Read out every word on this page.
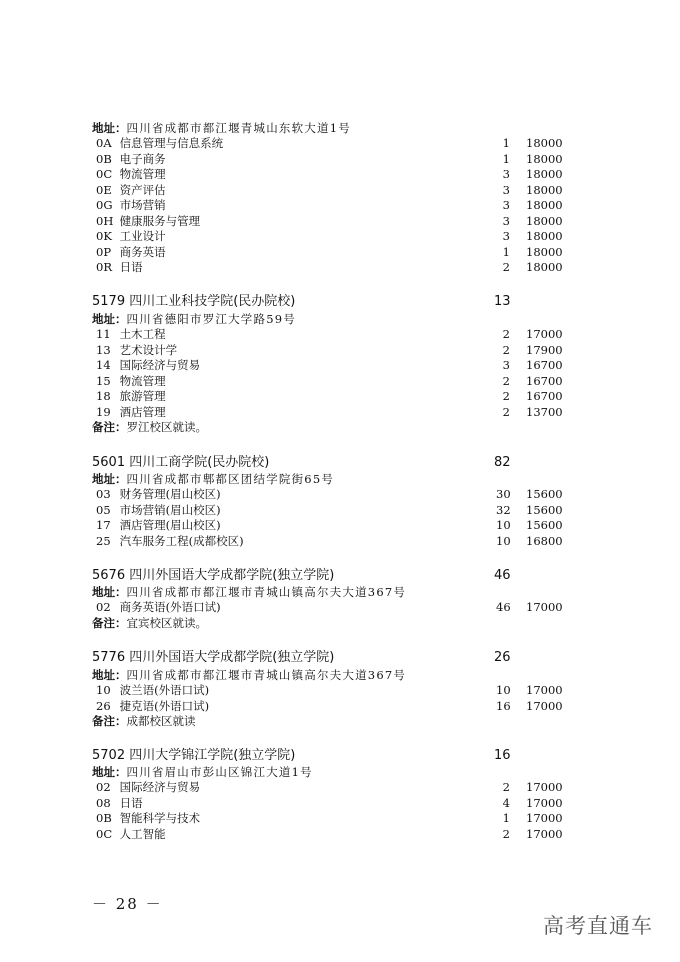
地址：四川省成都市都江堰青城山东软大道1号
0A 信息管理与信息系统	1 18000
0B 电子商务	1 18000
0C 物流管理	3 18000
0E 资产评估	3 18000
0G 市场营销	3 18000
0H 健康服务与管理	3 18000
0K 工业设计	3 18000
0P 商务英语	1 18000
0R 日语	2 18000
5179 四川工业科技学院(民办院校)	13
地址：四川省德阳市罗江大学路59号
11 土木工程	2 17000
13 艺术设计学	2 17900
14 国际经济与贸易	3 16700
15 物流管理	2 16700
18 旅游管理	2 16700
19 酒店管理	2 13700
备注：罗江校区就读。
5601 四川工商学院(民办院校)	82
地址：四川省成都市郫都区团结学院街65号
03 财务管理(眉山校区)	30 15600
05 市场营销(眉山校区)	32 15600
17 酒店管理(眉山校区)	10 15600
25 汽车服务工程(成都校区)	10 16800
5676 四川外国语大学成都学院(独立学院)	46
地址：四川省成都市都江堰市青城山镇高尔夫大道367号
02 商务英语(外语口试)	46 17000
备注：宜宾校区就读。
5776 四川外国语大学成都学院(独立学院)	26
地址：四川省成都市都江堰市青城山镇高尔夫大道367号
10 波兰语(外语口试)	10 17000
26 捷克语(外语口试)	16 17000
备注：成都校区就读
5702 四川大学锦江学院(独立学院)	16
地址：四川省眉山市彭山区锦江大道1号
02 国际经济与贸易	2 17000
08 日语	4 17000
0B 智能科学与技术	1 17000
0C 人工智能	2 17000
－ 28 －
高考直通车
